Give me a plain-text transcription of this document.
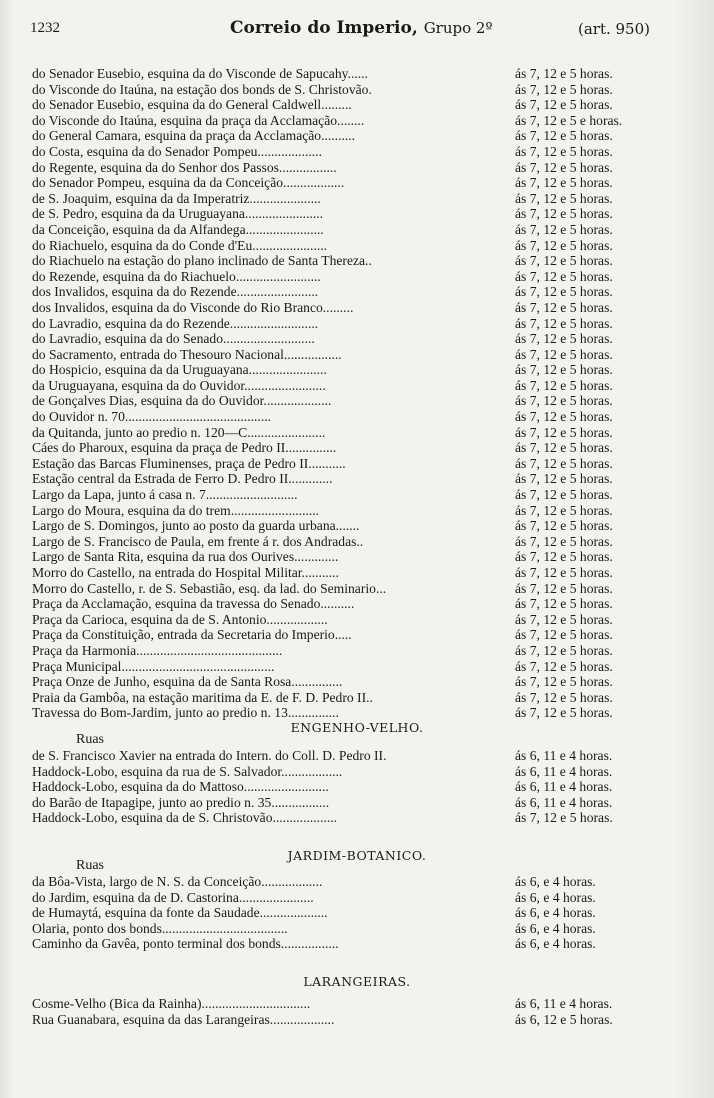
1232	Correio do Imperio, Grupo 2º	(art. 950)
do Senador Eusebio, esquina da do Visconde de Sapucahy......	ás 7, 12 e 5 horas.
do Visconde do Itaúna, na estação dos bonds de S. Christovão.	ás 7, 12 e 5 horas.
do Senador Eusebio, esquina da do General Caldwell.........	ás 7, 12 e 5 horas.
do Visconde do Itaúna, esquina da praça da Acclamação........	ás 7, 12 e 5 e horas.
do General Camara, esquina da praça da Acclamação..........	ás 7, 12 e 5 horas.
do Costa, esquina da do Senador Pompeu...................	ás 7, 12 e 5 horas.
do Regente, esquina da do Senhor dos Passos.................	ás 7, 12 e 5 horas.
do Senador Pompeu, esquina da da Conceição..................	ás 7, 12 e 5 horas.
de S. Joaquim, esquina da da Imperatriz.....................	ás 7, 12 e 5 horas.
de S. Pedro, esquina da da Uruguayana.......................	ás 7, 12 e 5 horas.
da Conceição, esquina da da Alfandega.......................	ás 7, 12 e 5 horas.
do Riachuelo, esquina da do Conde d'Eu......................	ás 7, 12 e 5 horas.
do Riachuelo na estação do plano inclinado de Santa Thereza..	ás 7, 12 e 5 horas.
do Rezende, esquina da do Riachuelo.........................	ás 7, 12 e 5 horas.
dos Invalidos, esquina da do Rezende........................	ás 7, 12 e 5 horas.
dos Invalidos, esquina da do Visconde do Rio Branco.........	ás 7, 12 e 5 horas.
do Lavradio, esquina da do Rezende..........................	ás 7, 12 e 5 horas.
do Lavradio, esquina da do Senado...........................	ás 7, 12 e 5 horas.
do Sacramento, entrada do Thesouro Nacional.................	ás 7, 12 e 5 horas.
do Hospicio, esquina da da Uruguayana.......................	ás 7, 12 e 5 horas.
da Uruguayana, esquina da do Ouvidor........................	ás 7, 12 e 5 horas.
de Gonçalves Dias, esquina da do Ouvidor....................	ás 7, 12 e 5 horas.
do Ouvidor n. 70...........................................	ás 7, 12 e 5 horas.
da Quitanda, junto ao predio n. 120—C.......................	ás 7, 12 e 5 horas.
Cáes do Pharoux, esquina da praça de Pedro II...............	ás 7, 12 e 5 horas.
Estação das Barcas Fluminenses, praça de Pedro II...........	ás 7, 12 e 5 horas.
Estação central da Estrada de Ferro D. Pedro II.............	ás 7, 12 e 5 horas.
Largo da Lapa, junto á casa n. 7...........................	ás 7, 12 e 5 horas.
Largo do Moura, esquina da do trem..........................	ás 7, 12 e 5 horas.
Largo de S. Domingos, junto ao posto da guarda urbana.......	ás 7, 12 e 5 horas.
Largo de S. Francisco de Paula, em frente á r. dos Andradas..	ás 7, 12 e 5 horas.
Largo de Santa Rita, esquina da rua dos Ourives.............	ás 7, 12 e 5 horas.
Morro do Castello, na entrada do Hospital Militar...........	ás 7, 12 e 5 horas.
Morro do Castello, r. de S. Sebastião, esq. da lad. do Seminario...	ás 7, 12 e 5 horas.
Praça da Acclamação, esquina da travessa do Senado..........	ás 7, 12 e 5 horas.
Praça da Carioca, esquina da de S. Antonio..................	ás 7, 12 e 5 horas.
Praça da Constituição, entrada da Secretaria do Imperio.....	ás 7, 12 e 5 horas.
Praça da Harmonia...........................................	ás 7, 12 e 5 horas.
Praça Municipal.............................................	ás 7, 12 e 5 horas.
Praça Onze de Junho, esquina da de Santa Rosa...............	ás 7, 12 e 5 horas.
Praia da Gambôa, na estação maritima da E. de F. D. Pedro II..	ás 7, 12 e 5 horas.
Travessa do Bom-Jardim, junto ao predio n. 13...............	ás 7, 12 e 5 horas.
ENGENHO-VELHO.
Ruas
de S. Francisco Xavier na entrada do Intern. do Coll. D. Pedro II.	ás 6, 11 e 4 horas.
Haddock-Lobo, esquina da rua de S. Salvador..................	ás 6, 11 e 4 horas.
Haddock-Lobo, esquina da do Mattoso.........................	ás 6, 11 e 4 horas.
do Barão de Itapagipe, junto ao predio n. 35.................	ás 6, 11 e 4 horas.
Haddock-Lobo, esquina da de S. Christovão...................	ás 7, 12 e 5 horas.
JARDIM-BOTANICO.
Ruas
da Bôa-Vista, largo de N. S. da Conceição..................	ás 6, e 4 horas.
do Jardim, esquina da de D. Castorina......................	ás 6, e 4 horas.
de Humaytá, esquina da fonte da Saudade....................	ás 6, e 4 horas.
Olaria, ponto dos bonds.....................................	ás 6, e 4 horas.
Caminho da Gavêa, ponto terminal dos bonds.................	ás 6, e 4 horas.
LARANGEIRAS.
Cosme-Velho (Bica da Rainha)................................	ás 6, 11 e 4 horas.
Rua Guanabara, esquina da das Larangeiras...................	ás 6, 12 e 5 horas.
